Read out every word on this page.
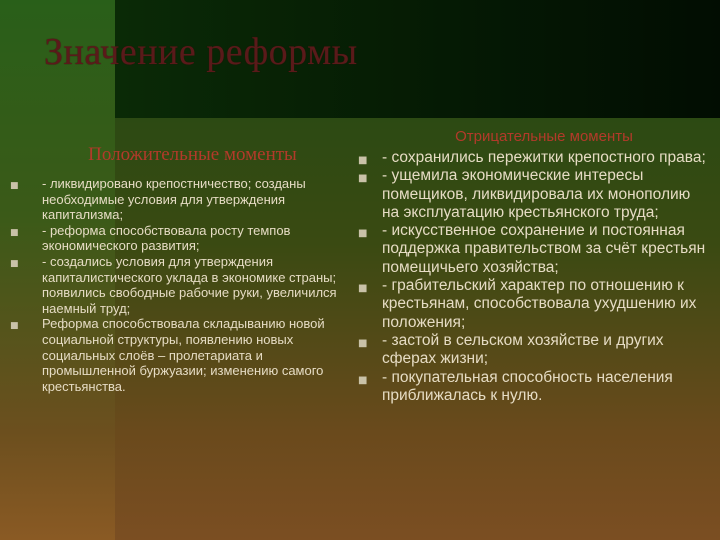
Значение реформы
Положительные моменты
■ - ликвидировано крепостничество; созданы необходимые условия для утверждения капитализма;
■ - реформа способствовала росту темпов экономического развития;
■ - создались условия для утверждения капиталистического уклада в экономике страны; появились свободные рабочие руки, увеличился наемный труд;
■ Реформа способствовала складыванию новой социальной структуры, появлению новых социальных слоёв – пролетариата и промышленной буржуазии; изменению самого крестьянства.
Отрицательные моменты
■ - сохранились пережитки крепостного права;
■ - ущемила экономические интересы помещиков, ликвидировала их монополию на эксплуатацию крестьянского труда;
■ - искусственное сохранение и постоянная поддержка правительством за счёт крестьян помещичьего хозяйства;
■ - грабительский характер по отношению к крестьянам, способствовала ухудшению их положения;
■ - застой в сельском хозяйстве и других сферах жизни;
■ - покупательная способность населения приближалась к нулю.
